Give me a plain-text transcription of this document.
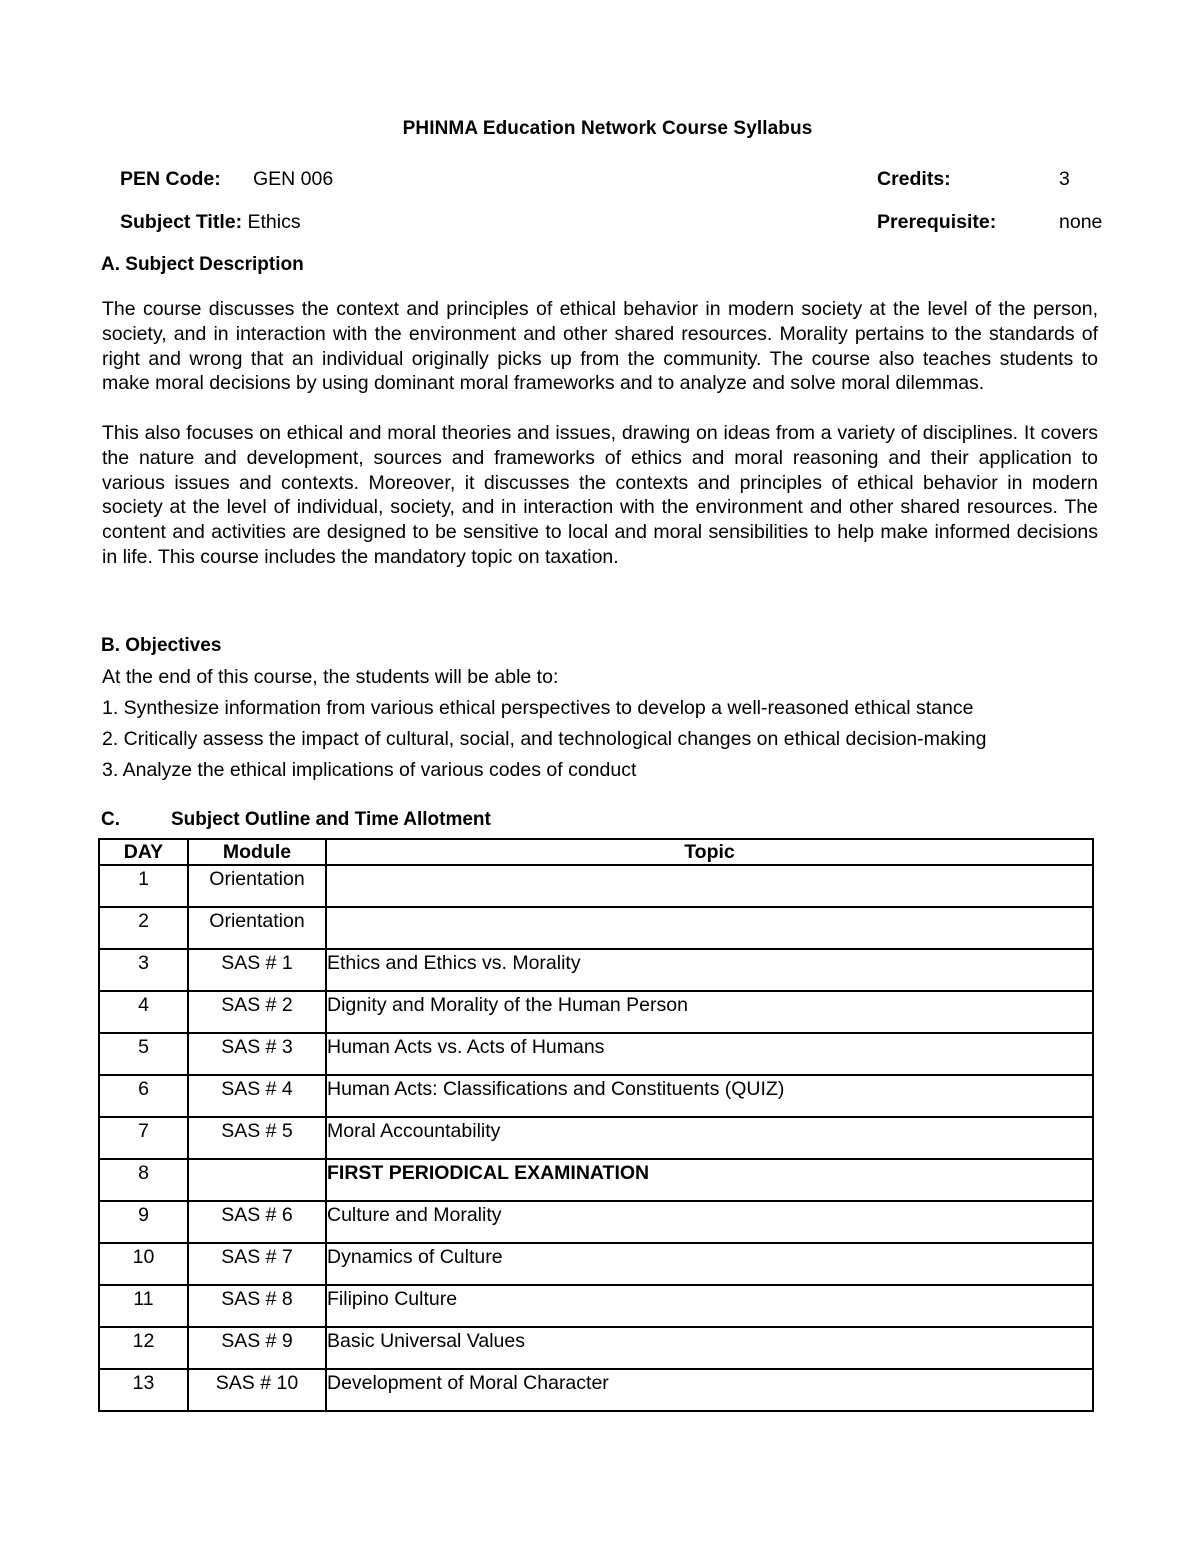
PHINMA Education Network Course Syllabus
PEN Code: GEN 006	Credits:	3
Subject Title: Ethics	Prerequisite:	none
A. Subject Description

The course discusses the context and principles of ethical behavior in modern society at the level of the person, society, and in interaction with the environment and other shared resources. Morality pertains to the standards of right and wrong that an individual originally picks up from the community. The course also teaches students to make moral decisions by using dominant moral frameworks and to analyze and solve moral dilemmas.

This also focuses on ethical and moral theories and issues, drawing on ideas from a variety of disciplines. It covers the nature and development, sources and frameworks of ethics and moral reasoning and their application to various issues and contexts. Moreover, it discusses the contexts and principles of ethical behavior in modern society at the level of individual, society, and in interaction with the environment and other shared resources. The content and activities are designed to be sensitive to local and moral sensibilities to help make informed decisions in life. This course includes the mandatory topic on taxation.

B. Objectives
At the end of this course, the students will be able to:
1. Synthesize information from various ethical perspectives to develop a well-reasoned ethical stance
2. Critically assess the impact of cultural, social, and technological changes on ethical decision-making
3. Analyze the ethical implications of various codes of conduct
C.	Subject Outline and Time Allotment
DAY	Module	Topic
1	Orientation	
2	Orientation	
3	SAS # 1	Ethics and Ethics vs. Morality
4	SAS # 2	Dignity and Morality of the Human Person
5	SAS # 3	Human Acts vs. Acts of Humans
6	SAS # 4	Human Acts: Classifications and Constituents (QUIZ)
7	SAS # 5	Moral Accountability
8		FIRST PERIODICAL EXAMINATION
9	SAS # 6	Culture and Morality
10	SAS # 7	Dynamics of Culture
11	SAS # 8	Filipino Culture
12	SAS # 9	Basic Universal Values
13	SAS # 10	Development of Moral Character
